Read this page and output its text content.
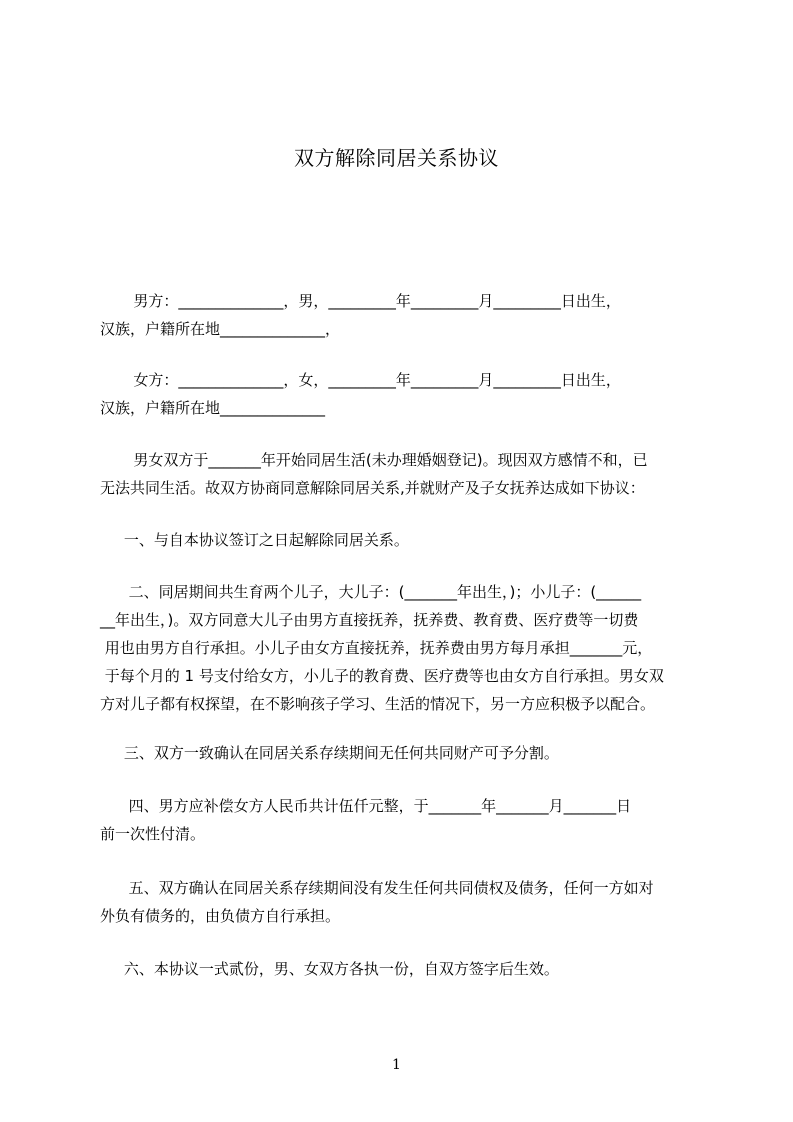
双方解除同居关系协议

男方：______________，男，_________年_________月_________日出生，
汉族，户籍所在地______________，

女方：______________，女，_________年_________月_________日出生，
汉族，户籍所在地______________

男女双方于_______年开始同居生活(未办理婚姻登记)。现因双方感情不和，已
无法共同生活。故双方协商同意解除同居关系,并就财产及子女抚养达成如下协议：

一、与自本协议签订之日起解除同居关系。

二、同居期间共生育两个儿子，大儿子：(_______年出生，)；小儿子：(______
__年出生，)。双方同意大儿子由男方直接抚养，抚养费、教育费、医疗费等一切费
用也由男方自行承担。小儿子由女方直接抚养，抚养费由男方每月承担_______元，
于每个月的 1 号支付给女方，小儿子的教育费、医疗费等也由女方自行承担。男女双
方对儿子都有权探望，在不影响孩子学习、生活的情况下，另一方应积极予以配合。

三、双方一致确认在同居关系存续期间无任何共同财产可予分割。

四、男方应补偿女方人民币共计伍仟元整，于_______年_______月_______日
前一次性付清。

五、双方确认在同居关系存续期间没有发生任何共同债权及债务，任何一方如对
外负有债务的，由负债方自行承担。

六、本协议一式贰份，男、女双方各执一份，自双方签字后生效。

1
